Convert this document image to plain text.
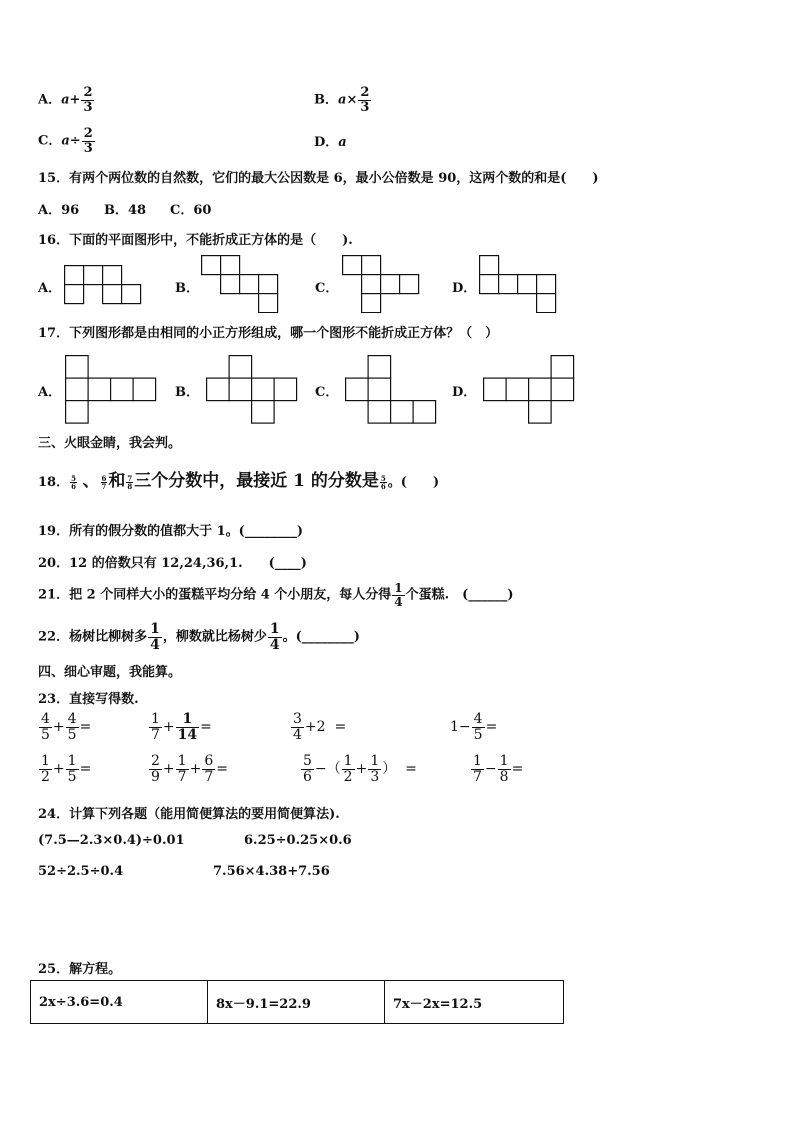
A．$a+ \frac{2}{3}$	B．$a\times \frac{2}{3}$
C．$a\div \frac{2}{3}$	D．a
15．有两个两位数的自然数，它们的最大公因数是 6，最小公倍数是 90，这两个数的和是(　　)
A．96 B．48 C．60
16．下面的平面图形中，不能折成正方体的是（　　).
A．	B．	C．	D．
17．下列图形都是由相同的小正方形组成，哪一个图形不能折成正方体？（　）
A．	B．	C．	D．
三、火眼金睛，我会判。
18． $\frac{5}{6}$ 、 $\frac{6}{7}$ 和 $\frac{7}{8}$ 三个分数中，最接近 1 的分数是 $\frac{5}{6}$ 。(　　)
19．所有的假分数的值都大于 1。(________)
20．12 的倍数只有 12,24,36,1.　　(____)
21．把 2 个同样大小的蛋糕平均分给 4 个小朋友，每人分得 $\frac{1}{4}$ 个蛋糕.　(______)
22．杨树比柳树多 $\frac{1}{4}$ ，柳数就比杨树少 $\frac{1}{4}$ 。(________)
四、细心审题，我能算。
23．直接写得数.
$\frac{4}{5} + \frac{4}{5}$ =	$\frac{1}{7} + \frac{1}{14}$ =	$\frac{3}{4} +2$ =	$1- \frac{4}{5}$ =
$\frac{1}{2} + \frac{1}{5}$ =	$\frac{2}{9} + \frac{1}{7} + \frac{6}{7}$ =	$\frac{5}{6}$ −（ $\frac{1}{2} + \frac{1}{3}$ ） =	$\frac{1}{7} - \frac{1}{8}$ =
24．计算下列各题（能用简便算法的要用简便算法).
(7.5—2.3×0.4)÷0.01	6.25÷0.25×0.6
52÷2.5÷0.4	7.56×4.38+7.56
25．解方程。
2x÷3.6=0.4	8x－9.1=22.9	7x－2x=12.5
